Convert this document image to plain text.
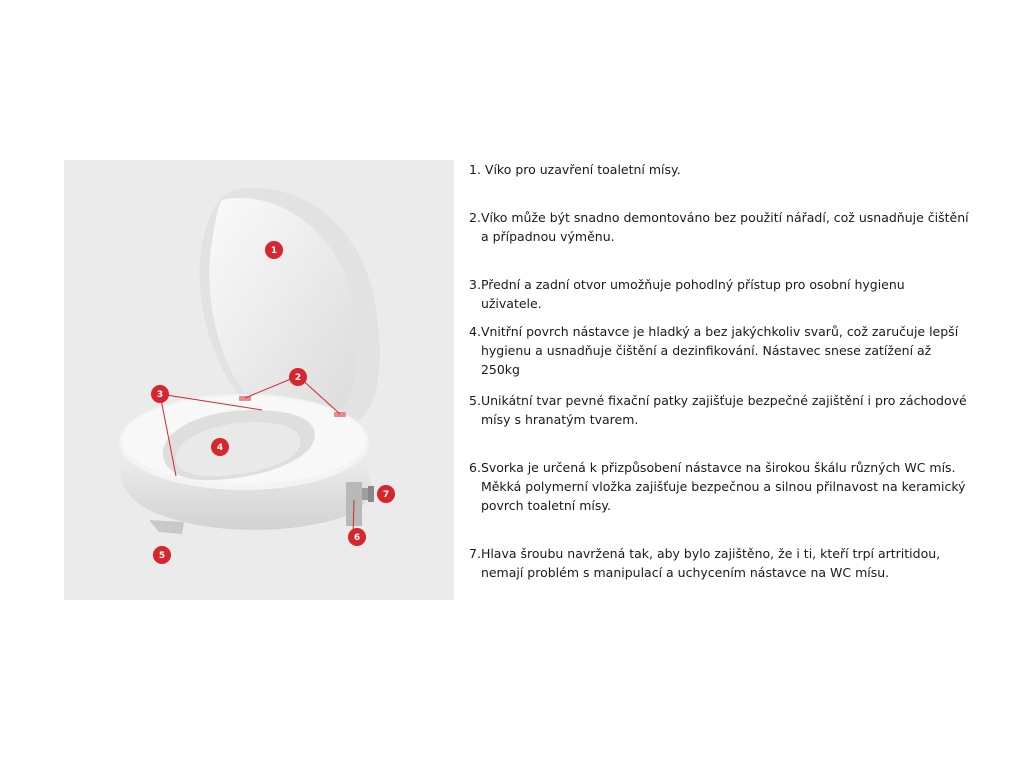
1
2
3
4
5
6
7
1. Víko pro uzavření toaletní mísy.
2. Víko může být snadno demontováno bez použití nářadí, což usnadňuje čištění a případnou výměnu.
3. Přední a zadní otvor umožňuje pohodlný přístup pro osobní hygienu uživatele.
4. Vnitřní povrch nástavce je hladký a bez jakýchkoliv svarů, což zaručuje lepší hygienu a usnadňuje čištění a dezinfikování. Nástavec snese zatížení až 250kg
5. Unikátní tvar pevné fixační patky zajišťuje bezpečné zajištění i pro záchodové mísy s hranatým tvarem.
6. Svorka je určená k přizpůsobení nástavce na širokou škálu různých WC mís. Měkká polymerní vložka zajišťuje bezpečnou a silnou přilnavost na keramický povrch toaletní mísy.
7. Hlava šroubu navržená tak, aby bylo zajištěno, že i ti, kteří trpí artritidou, nemají problém s manipulací a uchycením nástavce na WC mísu.
